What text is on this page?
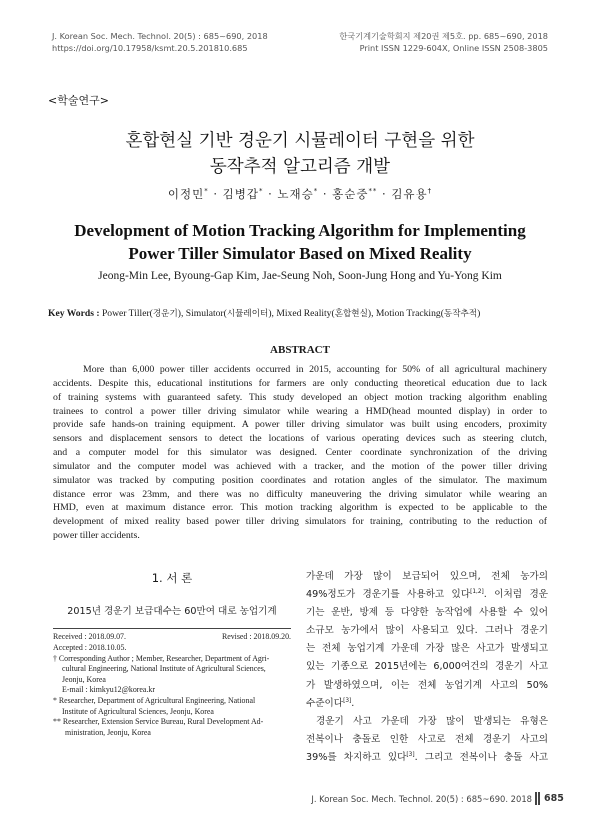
J. Korean Soc. Mech. Technol. 20(5) : 685~690, 2018
https://doi.org/10.17958/ksmt.20.5.201810.685
한국기계기술학회지 제20권 제5호. pp. 685~690, 2018
Print ISSN 1229-604X, Online ISSN 2508-3805
<학술연구>
혼합현실 기반 경운기 시뮬레이터 구현을 위한
동작추적 알고리즘 개발
이정민* · 김병갑* · 노재승* · 홍순중** · 김유용†
Development of Motion Tracking Algorithm for Implementing
Power Tiller Simulator Based on Mixed Reality
Jeong-Min Lee, Byoung-Gap Kim, Jae-Seung Noh, Soon-Jung Hong and Yu-Yong Kim
Key Words : Power Tiller(경운기), Simulator(시뮬레이터), Mixed Reality(혼합현실), Motion Tracking(동작추적)
ABSTRACT
More than 6,000 power tiller accidents occurred in 2015, accounting for 50% of all agricultural machinery
accidents. Despite this, educational institutions for farmers are only conducting theoretical education due to lack
of training systems with guaranteed safety. This study developed an object motion tracking algorithm enabling
trainees to control a power tiller driving simulator while wearing a HMD(head mounted display) in order to
provide safe hands-on training equipment. A power tiller driving simulator was built using encoders, proximity
sensors and displacement sensors to detect the locations of various operating devices such as steering clutch,
and a computer model for this simulator was designed. Center coordinate synchronization of the driving
simulator and the computer model was achieved with a tracker, and the motion of the power tiller driving
simulator was tracked by computing position coordinates and rotation angles of the simulator. The maximum
distance error was 23mm, and there was no difficulty maneuvering the driving simulator while wearing an
HMD, even at maximum distance error. This motion tracking algorithm is expected to be applicable to the
development of mixed reality based power tiller driving simulators for training, contributing to the reduction of
power tiller accidents.
1. 서 론
2015년 경운기 보급대수는 60만여 대로 농업기계
Received : 2018.09.07.	Revised : 2018.09.20.
Accepted : 2018.10.05.
† Corresponding Author ; Member, Researcher, Department of Agri-
cultural Engineering, National Institute of Agricultural Sciences,
Jeonju, Korea
E-mail : kimkyu12@korea.kr
* Researcher, Department of Agricultural Engineering, National
Institute of Agricultural Sciences, Jeonju, Korea
** Researcher, Extension Service Bureau, Rural Development Ad-
ministration, Jeonju, Korea
가운데 가장 많이 보급되어 있으며, 전체 농가의
49%정도가 경운기를 사용하고 있다[1,2]. 이처럼 경운
기는 운반, 방제 등 다양한 농작업에 사용할 수 있어
소규모 농가에서 많이 사용되고 있다. 그러나 경운기
는 전체 농업기계 가운데 가장 많은 사고가 발생되고
있는 기종으로 2015년에는 6,000여건의 경운기 사고
가 발생하였으며, 이는 전체 농업기계 사고의 50%
수준이다[3].
경운기 사고 가운데 가장 많이 발생되는 유형은
전복이나 충돌로 인한 사고로 전체 경운기 사고의
39%를 차지하고 있다[3]. 그리고 전복이나 충돌 사고
J. Korean Soc. Mech. Technol. 20(5) : 685~690. 2018 685
